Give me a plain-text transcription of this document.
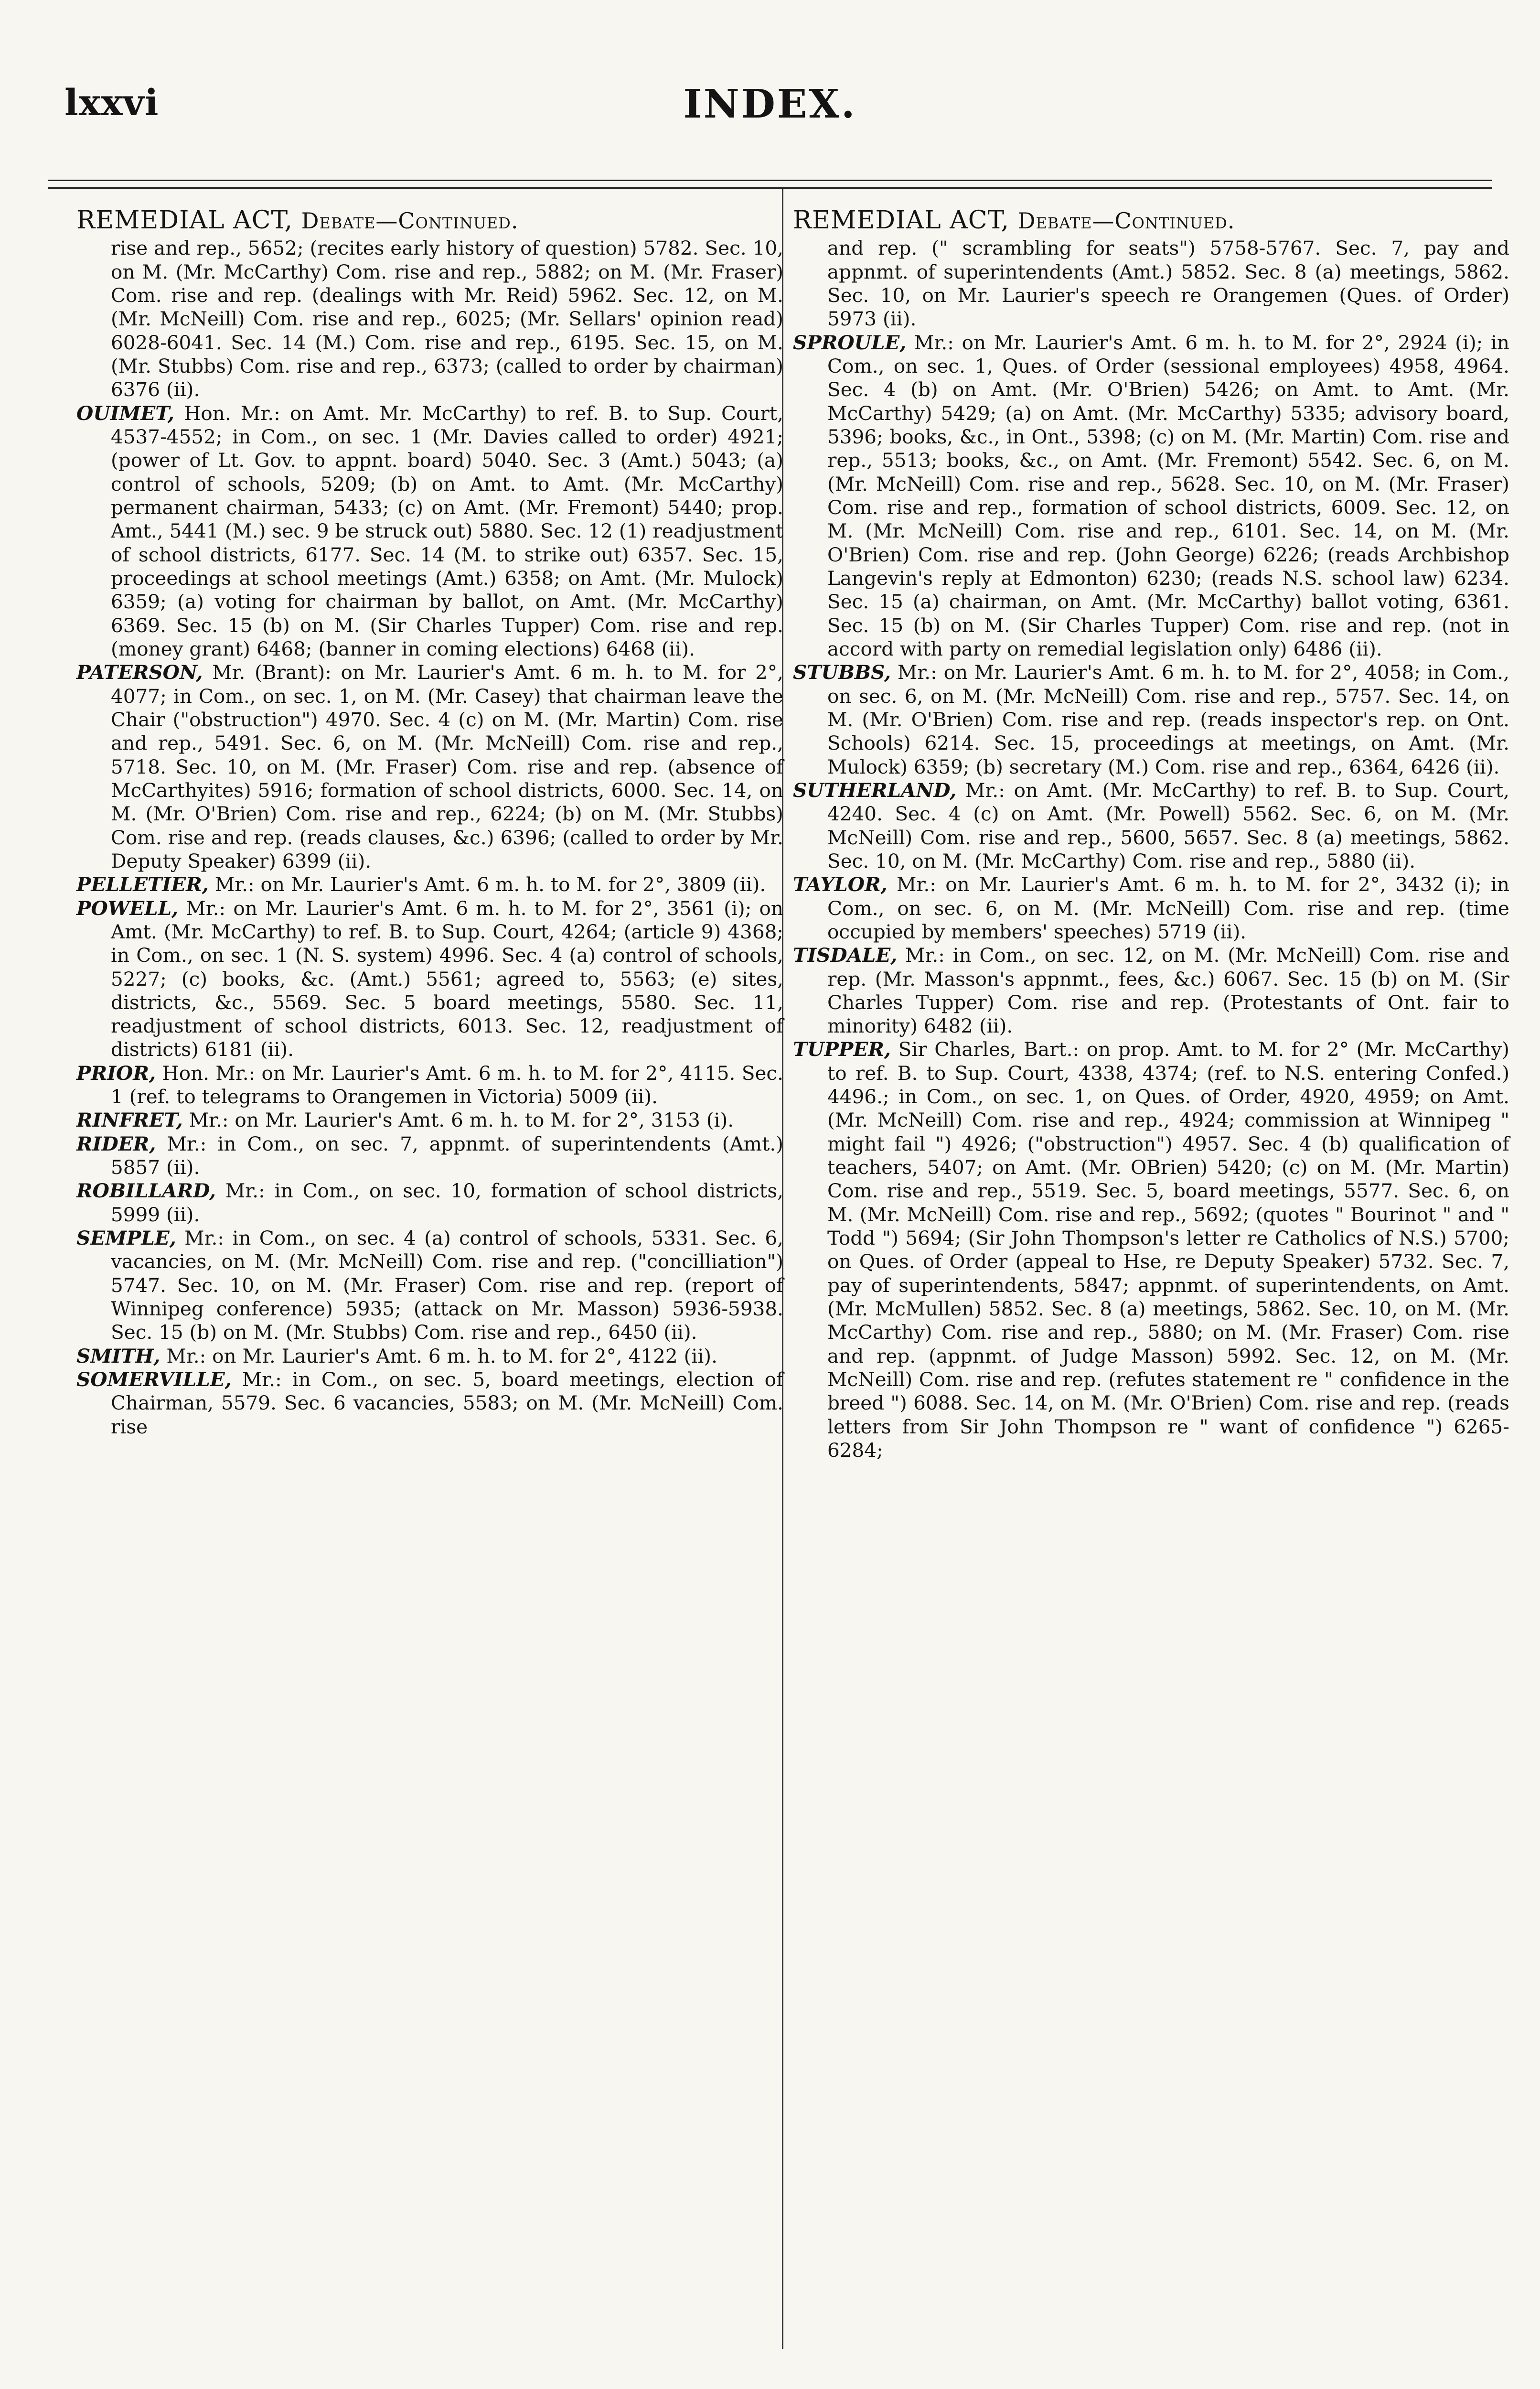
lxxvi	INDEX.
REMEDIAL ACT, Debate—Continued.
rise and rep., 5652; (recites early history of question) 5782. Sec. 10, on M. (Mr. McCarthy) Com. rise and rep., 5882; on M. (Mr. Fraser) Com. rise and rep. (dealings with Mr. Reid) 5962. Sec. 12, on M. (Mr. McNeill) Com. rise and rep., 6025; (Mr. Sellars' opinion read) 6028-6041. Sec. 14 (M.) Com. rise and rep., 6195. Sec. 15, on M. (Mr. Stubbs) Com. rise and rep., 6373; (called to order by chairman) 6376 (ii).
OUIMET, Hon. Mr.: on Amt. Mr. McCarthy) to ref. B. to Sup. Court, 4537-4552; in Com., on sec. 1 (Mr. Davies called to order) 4921; (power of Lt. Gov. to appnt. board) 5040. Sec. 3 (Amt.) 5043; (a) control of schools, 5209; (b) on Amt. to Amt. (Mr. McCarthy) permanent chairman, 5433; (c) on Amt. (Mr. Fremont) 5440; prop. Amt., 5441 (M.) sec. 9 be struck out) 5880. Sec. 12 (1) readjustment of school districts, 6177. Sec. 14 (M. to strike out) 6357. Sec. 15, proceedings at school meetings (Amt.) 6358; on Amt. (Mr. Mulock) 6359; (a) voting for chairman by ballot, on Amt. (Mr. McCarthy) 6369. Sec. 15 (b) on M. (Sir Charles Tupper) Com. rise and rep. (money grant) 6468; (banner in coming elections) 6468 (ii).
PATERSON, Mr. (Brant): on Mr. Laurier's Amt. 6 m. h. to M. for 2°, 4077; in Com., on sec. 1, on M. (Mr. Casey) that chairman leave the Chair ("obstruction") 4970. Sec. 4 (c) on M. (Mr. Martin) Com. rise and rep., 5491. Sec. 6, on M. (Mr. McNeill) Com. rise and rep., 5718. Sec. 10, on M. (Mr. Fraser) Com. rise and rep. (absence of McCarthyites) 5916; formation of school districts, 6000. Sec. 14, on M. (Mr. O'Brien) Com. rise and rep., 6224; (b) on M. (Mr. Stubbs) Com. rise and rep. (reads clauses, &c.) 6396; (called to order by Mr. Deputy Speaker) 6399 (ii).
PELLETIER, Mr.: on Mr. Laurier's Amt. 6 m. h. to M. for 2°, 3809 (ii).
POWELL, Mr.: on Mr. Laurier's Amt. 6 m. h. to M. for 2°, 3561 (i); on Amt. (Mr. McCarthy) to ref. B. to Sup. Court, 4264; (article 9) 4368; in Com., on sec. 1 (N. S. system) 4996. Sec. 4 (a) control of schools, 5227; (c) books, &c. (Amt.) 5561; agreed to, 5563; (e) sites, districts, &c., 5569. Sec. 5 board meetings, 5580. Sec. 11, readjustment of school districts, 6013. Sec. 12, readjustment of districts) 6181 (ii).
PRIOR, Hon. Mr.: on Mr. Laurier's Amt. 6 m. h. to M. for 2°, 4115. Sec. 1 (ref. to telegrams to Orangemen in Victoria) 5009 (ii).
RINFRET, Mr.: on Mr. Laurier's Amt. 6 m. h. to M. for 2°, 3153 (i).
RIDER, Mr.: in Com., on sec. 7, appnmt. of superintendents (Amt.) 5857 (ii).
ROBILLARD, Mr.: in Com., on sec. 10, formation of school districts, 5999 (ii).
SEMPLE, Mr.: in Com., on sec. 4 (a) control of schools, 5331. Sec. 6, vacancies, on M. (Mr. McNeill) Com. rise and rep. ("concilliation") 5747. Sec. 10, on M. (Mr. Fraser) Com. rise and rep. (report of Winnipeg conference) 5935; (attack on Mr. Masson) 5936-5938. Sec. 15 (b) on M. (Mr. Stubbs) Com. rise and rep., 6450 (ii).
SMITH, Mr.: on Mr. Laurier's Amt. 6 m. h. to M. for 2°, 4122 (ii).
SOMERVILLE, Mr.: in Com., on sec. 5, board meetings, election of Chairman, 5579. Sec. 6 vacancies, 5583; on M. (Mr. McNeill) Com. rise
REMEDIAL ACT, Debate—Continued.
and rep. (" scrambling for seats") 5758-5767. Sec. 7, pay and appnmt. of superintendents (Amt.) 5852. Sec. 8 (a) meetings, 5862. Sec. 10, on Mr. Laurier's speech re Orangemen (Ques. of Order) 5973 (ii).
SPROULE, Mr.: on Mr. Laurier's Amt. 6 m. h. to M. for 2°, 2924 (i); in Com., on sec. 1, Ques. of Order (sessional employees) 4958, 4964. Sec. 4 (b) on Amt. (Mr. O'Brien) 5426; on Amt. to Amt. (Mr. McCarthy) 5429; (a) on Amt. (Mr. McCarthy) 5335; advisory board, 5396; books, &c., in Ont., 5398; (c) on M. (Mr. Martin) Com. rise and rep., 5513; books, &c., on Amt. (Mr. Fremont) 5542. Sec. 6, on M. (Mr. McNeill) Com. rise and rep., 5628. Sec. 10, on M. (Mr. Fraser) Com. rise and rep., formation of school districts, 6009. Sec. 12, on M. (Mr. McNeill) Com. rise and rep., 6101. Sec. 14, on M. (Mr. O'Brien) Com. rise and rep. (John George) 6226; (reads Archbishop Langevin's reply at Edmonton) 6230; (reads N.S. school law) 6234. Sec. 15 (a) chairman, on Amt. (Mr. McCarthy) ballot voting, 6361. Sec. 15 (b) on M. (Sir Charles Tupper) Com. rise and rep. (not in accord with party on remedial legislation only) 6486 (ii).
STUBBS, Mr.: on Mr. Laurier's Amt. 6 m. h. to M. for 2°, 4058; in Com., on sec. 6, on M. (Mr. McNeill) Com. rise and rep., 5757. Sec. 14, on M. (Mr. O'Brien) Com. rise and rep. (reads inspector's rep. on Ont. Schools) 6214. Sec. 15, proceedings at meetings, on Amt. (Mr. Mulock) 6359; (b) secretary (M.) Com. rise and rep., 6364, 6426 (ii).
SUTHERLAND, Mr.: on Amt. (Mr. McCarthy) to ref. B. to Sup. Court, 4240. Sec. 4 (c) on Amt. (Mr. Powell) 5562. Sec. 6, on M. (Mr. McNeill) Com. rise and rep., 5600, 5657. Sec. 8 (a) meetings, 5862. Sec. 10, on M. (Mr. McCarthy) Com. rise and rep., 5880 (ii).
TAYLOR, Mr.: on Mr. Laurier's Amt. 6 m. h. to M. for 2°, 3432 (i); in Com., on sec. 6, on M. (Mr. McNeill) Com. rise and rep. (time occupied by members' speeches) 5719 (ii).
TISDALE, Mr.: in Com., on sec. 12, on M. (Mr. McNeill) Com. rise and rep. (Mr. Masson's appnmt., fees, &c.) 6067. Sec. 15 (b) on M. (Sir Charles Tupper) Com. rise and rep. (Protestants of Ont. fair to minority) 6482 (ii).
TUPPER, Sir Charles, Bart.: on prop. Amt. to M. for 2° (Mr. McCarthy) to ref. B. to Sup. Court, 4338, 4374; (ref. to N.S. entering Confed.) 4496.; in Com., on sec. 1, on Ques. of Order, 4920, 4959; on Amt. (Mr. McNeill) Com. rise and rep., 4924; commission at Winnipeg " might fail ") 4926; ("obstruction") 4957. Sec. 4 (b) qualification of teachers, 5407; on Amt. (Mr. OBrien) 5420; (c) on M. (Mr. Martin) Com. rise and rep., 5519. Sec. 5, board meetings, 5577. Sec. 6, on M. (Mr. McNeill) Com. rise and rep., 5692; (quotes " Bourinot " and " Todd ") 5694; (Sir John Thompson's letter re Catholics of N.S.) 5700; on Ques. of Order (appeal to Hse, re Deputy Speaker) 5732. Sec. 7, pay of superintendents, 5847; appnmt. of superintendents, on Amt. (Mr. McMullen) 5852. Sec. 8 (a) meetings, 5862. Sec. 10, on M. (Mr. McCarthy) Com. rise and rep., 5880; on M. (Mr. Fraser) Com. rise and rep. (appnmt. of Judge Masson) 5992. Sec. 12, on M. (Mr. McNeill) Com. rise and rep. (refutes statement re " confidence in the breed ") 6088. Sec. 14, on M. (Mr. O'Brien) Com. rise and rep. (reads letters from Sir John Thompson re " want of confidence ") 6265-6284;
